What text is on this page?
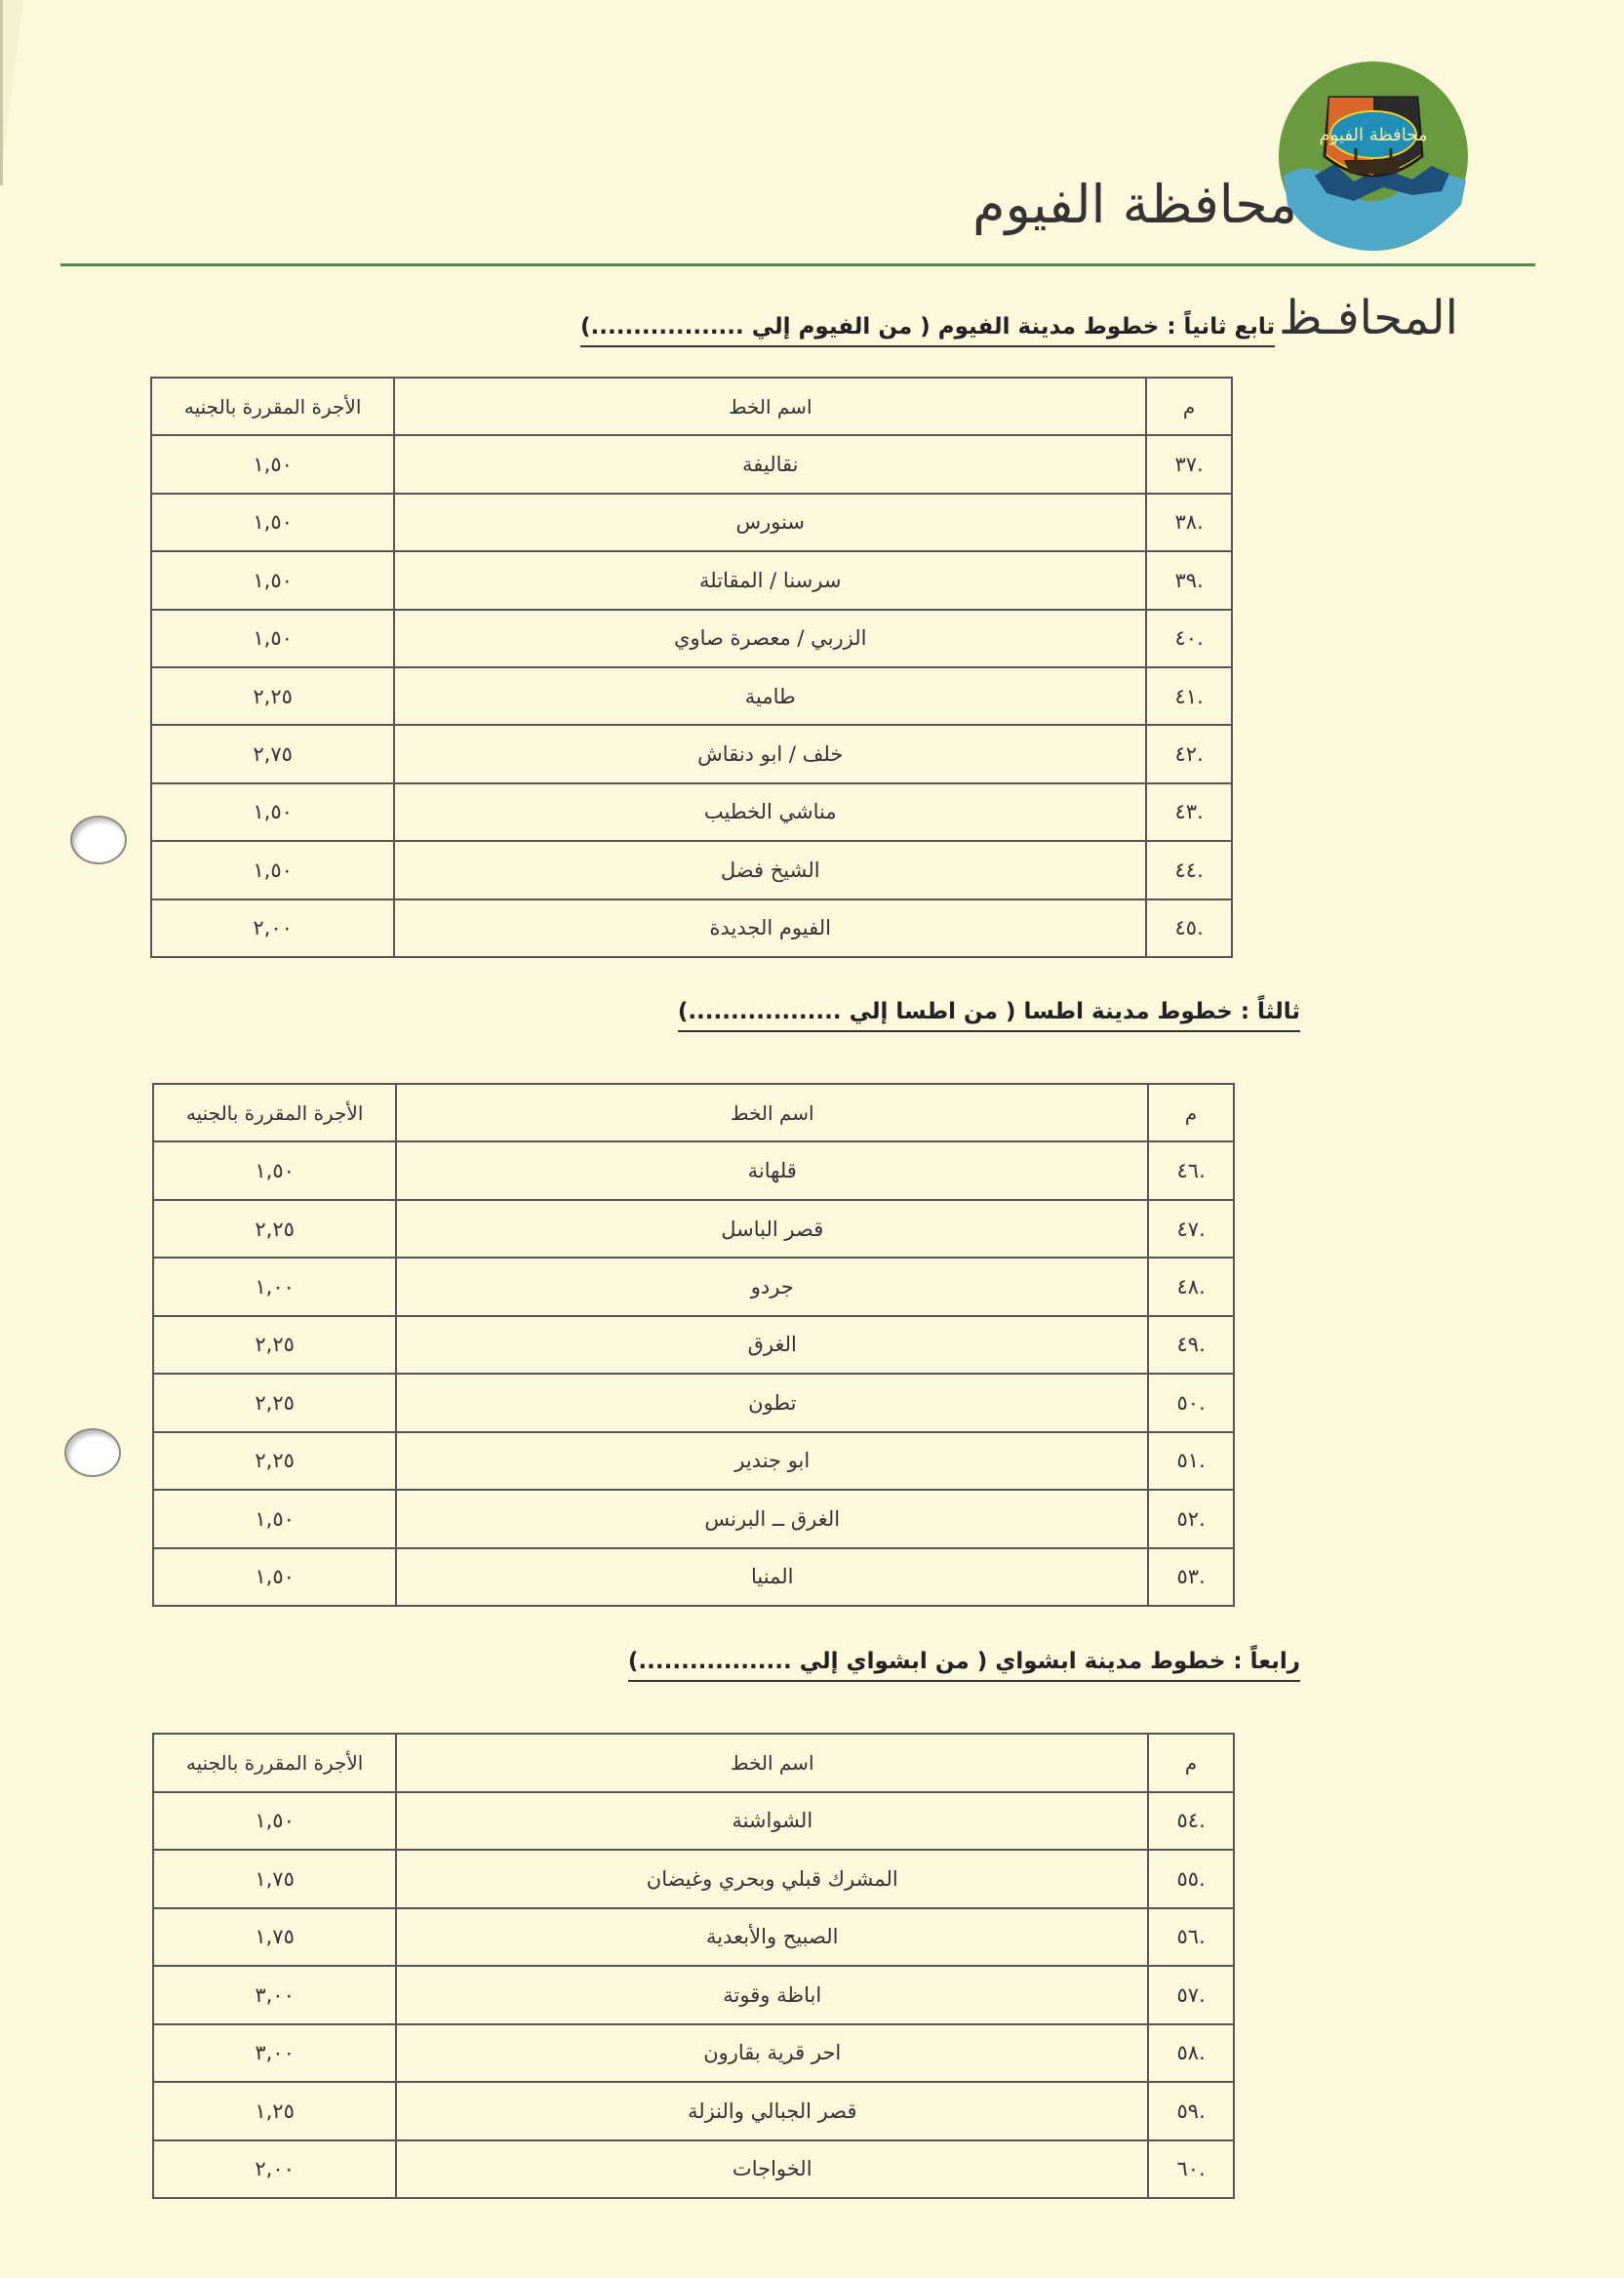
محافظة الفيوم
محافظة الفيوم
المحافـظ
تابع ثانياً : خطوط مدينة الفيوم ( من الفيوم إلي ..................)
م	اسم الخط	الأجرة المقررة بالجنيه
.٣٧	نقاليفة	١,٥٠
.٣٨	سنورس	١,٥٠
.٣٩	سرسنا / المقاتلة	١,٥٠
.٤٠	الزربي / معصرة صاوي	١,٥٠
.٤١	طامية	٢,٢٥
.٤٢	خلف / ابو دنقاش	٢,٧٥
.٤٣	مناشي الخطيب	١,٥٠
.٤٤	الشيخ فضل	١,٥٠
.٤٥	الفيوم الجديدة	٢,٠٠
ثالثاً : خطوط مدينة اطسا ( من اطسا إلي ..................)
م	اسم الخط	الأجرة المقررة بالجنيه
.٤٦	قلهانة	١,٥٠
.٤٧	قصر الباسل	٢,٢٥
.٤٨	جردو	١,٠٠
.٤٩	الغرق	٢,٢٥
.٥٠	تطون	٢,٢٥
.٥١	ابو جندير	٢,٢٥
.٥٢	الغرق ــ البرنس	١,٥٠
.٥٣	المنيا	١,٥٠
رابعاً : خطوط مدينة ابشواي ( من ابشواي إلي ..................)
م	اسم الخط	الأجرة المقررة بالجنيه
.٥٤	الشواشنة	١,٥٠
.٥٥	المشرك قبلي وبحري وغيضان	١,٧٥
.٥٦	الصبيح والأبعدية	١,٧٥
.٥٧	اباظة وقوتة	٣,٠٠
.٥٨	احر قرية بقارون	٣,٠٠
.٥٩	قصر الجبالي والنزلة	١,٢٥
.٦٠	الخواجات	٢,٠٠
